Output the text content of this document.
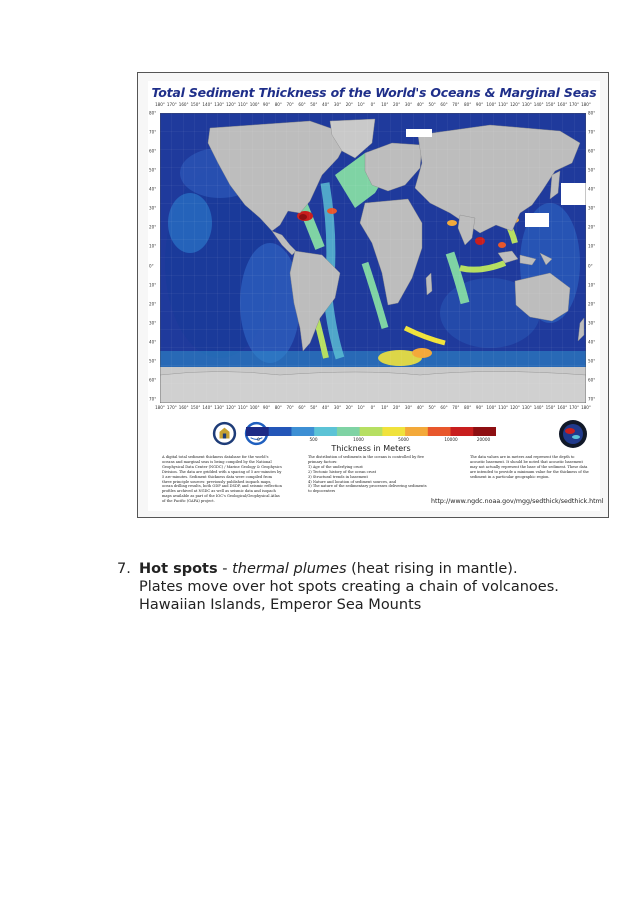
Total Sediment Thickness of the World's Oceans & Marginal Seas
180° 170° 160° 150° 140° 130° 120° 110° 100° 90° 80° 70° 60° 50° 40° 30° 20° 10° 0° 10° 20° 30° 40° 50° 60° 70° 80° 90° 100° 110° 120° 130° 140° 150° 160° 170° 180°
80°
70°
60°
50°
40°
30°
20°
10°
0°
10°
20°
30°
40°
50°
60°
70°
80°
70°
60°
50°
40°
30°
20°
10°
0°
10°
20°
30°
40°
50°
60°
70°
180° 170° 160° 150° 140° 130° 120° 110° 100° 90° 80° 70° 60° 50° 40° 30° 20° 10° 0° 10° 20° 30° 40° 50° 60° 70° 80° 90° 100° 110° 120° 130° 140° 150° 160° 170° 180°
0	500	1000	5000	10000	20000
Thickness in Meters

A digital total sediment thickness database for the world's oceans and marginal seas is being compiled by the National Geophysical Data Center (NGDC) / Marine Geology & Geophysics Division. The data are gridded with a spacing of 5 arc-minutes by 5 arc-minutes. Sediment thickness data were compiled from three principle sources: previously published isopach maps, ocean drilling results, both ODP and DSDP, and seismic reflection profiles archived at NGDC as well as seismic data and isopach maps available as part of the IOC's Geological/Geophysical Atlas of the Pacific (GAPA) project.

The distribution of sediments in the oceans is controlled by five primary factors:

1) Age of the underlying crust

2) Tectonic history of the ocean crust

3) Structural trends in basement

4) Nature and location of sediment sources, and

5) The nature of the sedimentary processes delivering sediments to depocenters

The data values are in meters and represent the depth to acoustic basement. It should be noted that acoustic basement may not actually represent the base of the sediment. These data are intended to provide a minimum value for the thickness of the sediment in a particular geographic region.

http://www.ngdc.noaa.gov/mgg/sedthick/sedthick.html
7. Hot spots - thermal plumes (heat rising in mantle).
Plates move over hot spots creating a chain of volcanoes.
Hawaiian Islands, Emperor Sea Mounts
